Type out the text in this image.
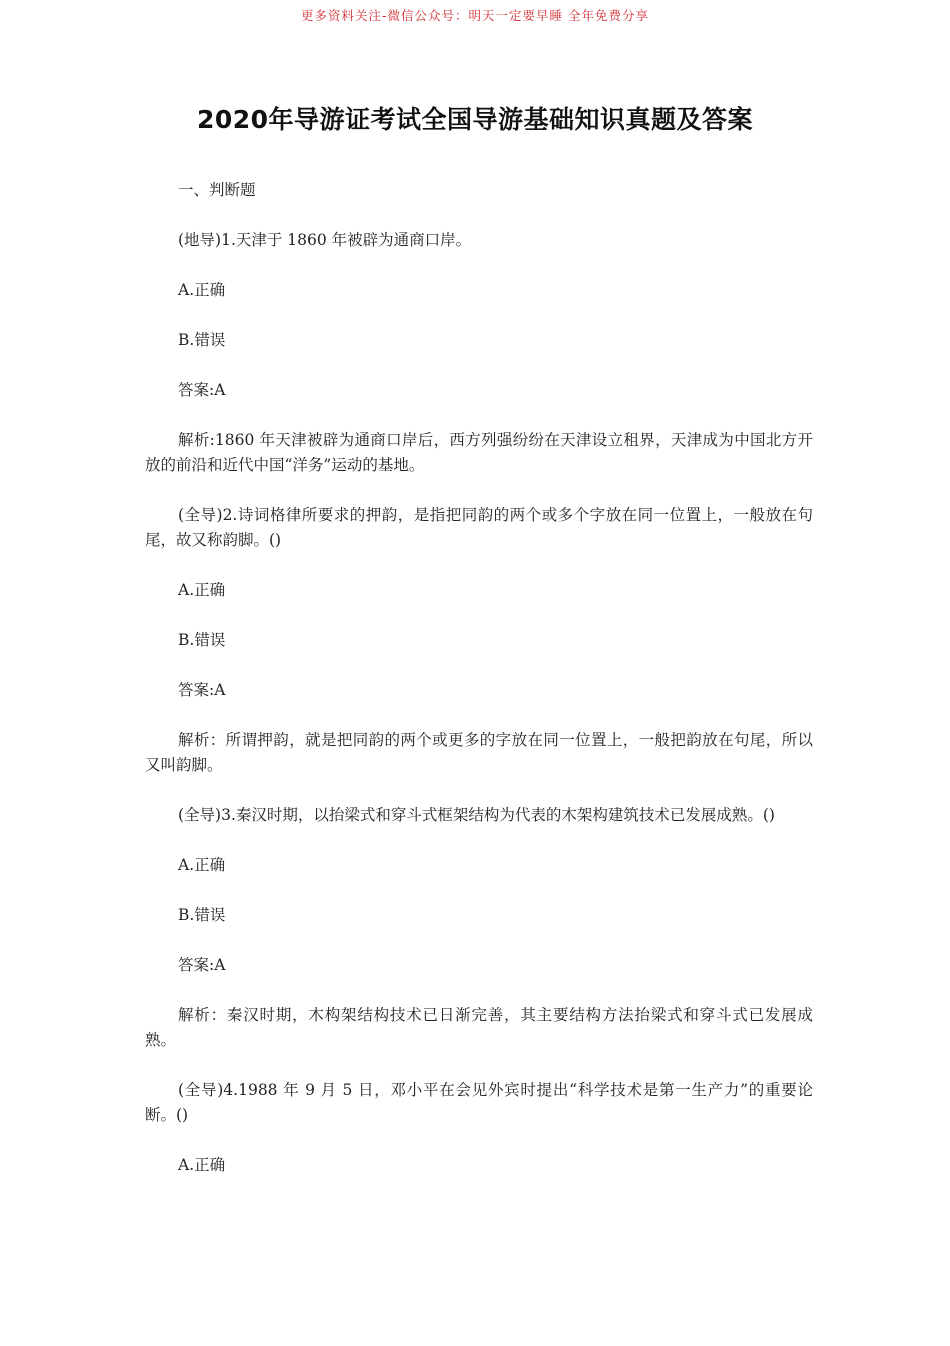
更多资料关注-微信公众号：明天一定要早睡 全年免费分享
2020年导游证考试全国导游基础知识真题及答案

一、判断题

(地导)1.天津于 1860 年被辟为通商口岸。

A.正确

B.错误

答案:A

解析:1860 年天津被辟为通商口岸后，西方列强纷纷在天津设立租界，天津成为中国北方开放的前沿和近代中国“洋务”运动的基地。

(全导)2.诗词格律所要求的押韵，是指把同韵的两个或多个字放在同一位置上，一般放在句尾，故又称韵脚。()

A.正确

B.错误

答案:A

解析：所谓押韵，就是把同韵的两个或更多的字放在同一位置上，一般把韵放在句尾，所以又叫韵脚。

(全导)3.秦汉时期，以抬梁式和穿斗式框架结构为代表的木架构建筑技术已发展成熟。()

A.正确

B.错误

答案:A

解析：秦汉时期，木构架结构技术已日渐完善，其主要结构方法抬梁式和穿斗式已发展成熟。

(全导)4.1988 年 9 月 5 日，邓小平在会见外宾时提出“科学技术是第一生产力”的重要论断。()

A.正确
